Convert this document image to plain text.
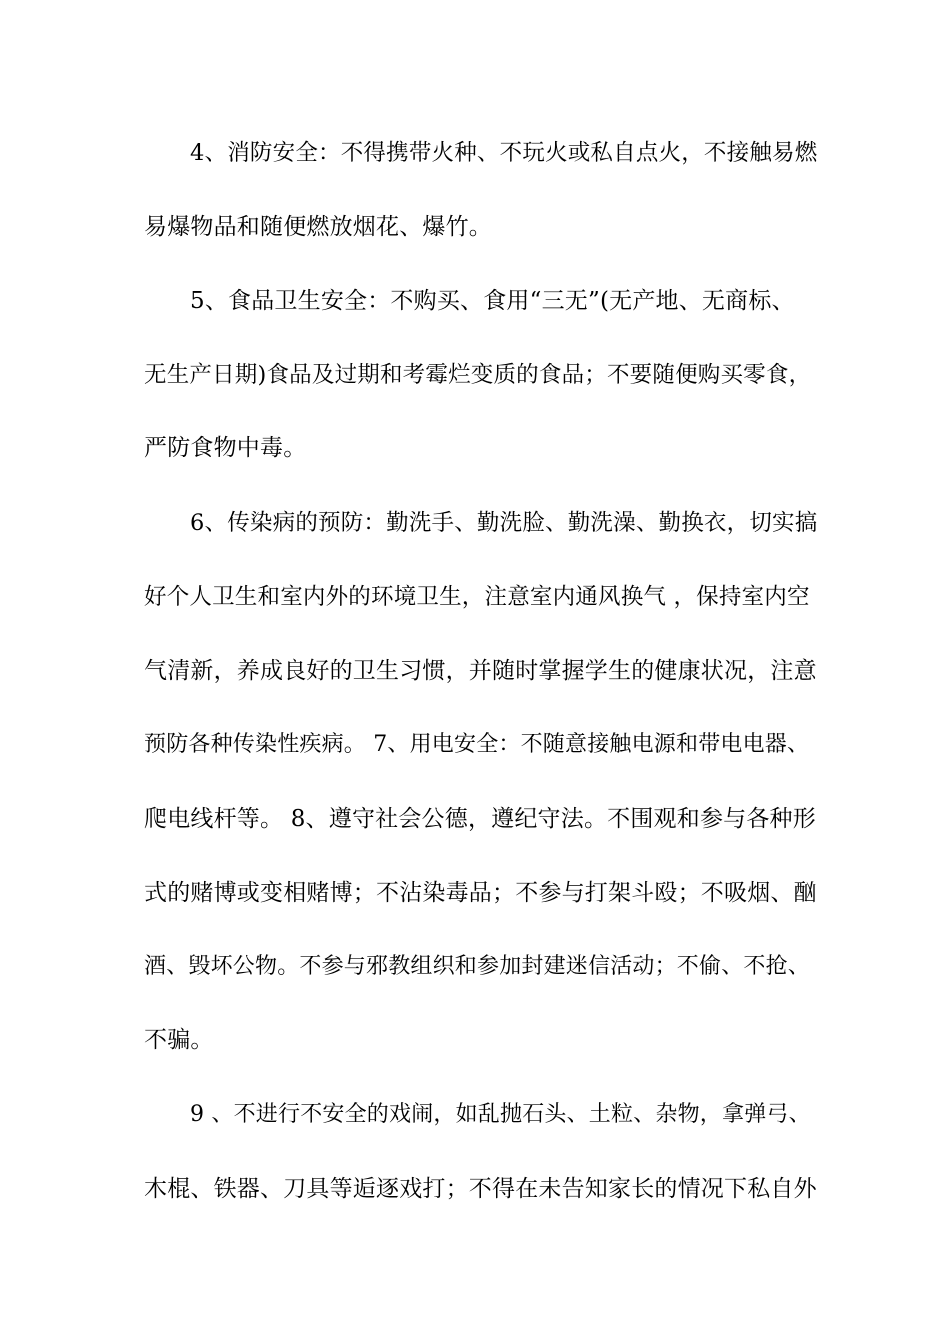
4、消防安全：不得携带火种、不玩火或私自点火，不接触易燃
易爆物品和随便燃放烟花、爆竹。
5、食品卫生安全：不购买、食用“三无”(无产地、无商标、
无生产日期)食品及过期和考霉烂变质的食品；不要随便购买零食，
严防食物中毒。
6、传染病的预防：勤洗手、勤洗脸、勤洗澡、勤换衣，切实搞
好个人卫生和室内外的环境卫生，注意室内通风换气 ，保持室内空
气清新，养成良好的卫生习惯，并随时掌握学生的健康状况，注意
预防各种传染性疾病。 7、用电安全：不随意接触电源和带电电器、
爬电线杆等。 8、遵守社会公德，遵纪守法。不围观和参与各种形
式的赌博或变相赌博；不沾染毒品；不参与打架斗殴；不吸烟、酗
酒、毁坏公物。不参与邪教组织和参加封建迷信活动；不偷、不抢、
不骗。
9 、不进行不安全的戏闹，如乱抛石头、土粒、杂物，拿弹弓、
木棍、铁器、刀具等逅逐戏打；不得在未告知家长的情况下私自外
